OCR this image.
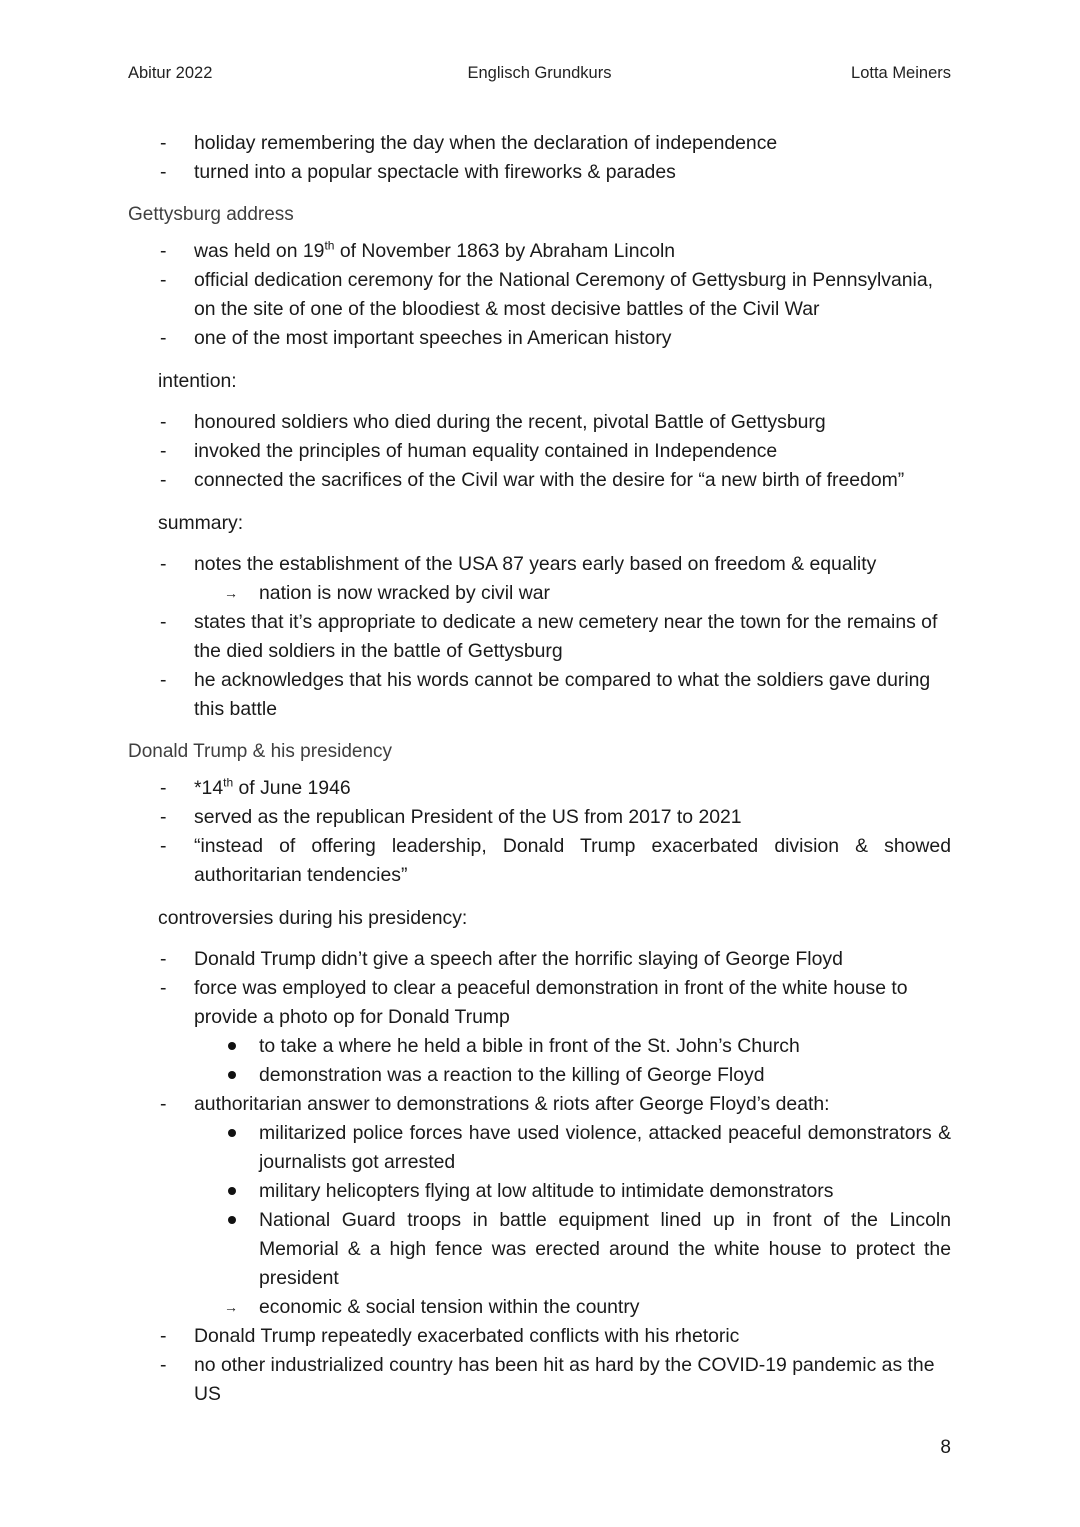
Abitur 2022	Englisch Grundkurs	Lotta Meiners
- holiday remembering the day when the declaration of independence
- turned into a popular spectacle with fireworks & parades
Gettysburg address
- was held on 19th of November 1863 by Abraham Lincoln
- official dedication ceremony for the National Ceremony of Gettysburg in Pennsylvania, on the site of one of the bloodiest & most decisive battles of the Civil War
- one of the most important speeches in American history
intention:
- honoured soldiers who died during the recent, pivotal Battle of Gettysburg
- invoked the principles of human equality contained in Independence
- connected the sacrifices of the Civil war with the desire for “a new birth of freedom”
summary:
- notes the establishment of the USA 87 years early based on freedom & equality
→ nation is now wracked by civil war
- states that it’s appropriate to dedicate a new cemetery near the town for the remains of the died soldiers in the battle of Gettysburg
- he acknowledges that his words cannot be compared to what the soldiers gave during this battle
Donald Trump & his presidency
- *14th of June 1946
- served as the republican President of the US from 2017 to 2021
- “instead of offering leadership, Donald Trump exacerbated division & showed authoritarian tendencies”
controversies during his presidency:
- Donald Trump didn’t give a speech after the horrific slaying of George Floyd
- force was employed to clear a peaceful demonstration in front of the white house to provide a photo op for Donald Trump
to take a where he held a bible in front of the St. John’s Church
demonstration was a reaction to the killing of George Floyd
- authoritarian answer to demonstrations & riots after George Floyd’s death:
militarized police forces have used violence, attacked peaceful demonstrators & journalists got arrested
military helicopters flying at low altitude to intimidate demonstrators
National Guard troops in battle equipment lined up in front of the Lincoln Memorial & a high fence was erected around the white house to protect the president
→ economic & social tension within the country
- Donald Trump repeatedly exacerbated conflicts with his rhetoric
- no other industrialized country has been hit as hard by the COVID-19 pandemic as the US
8
